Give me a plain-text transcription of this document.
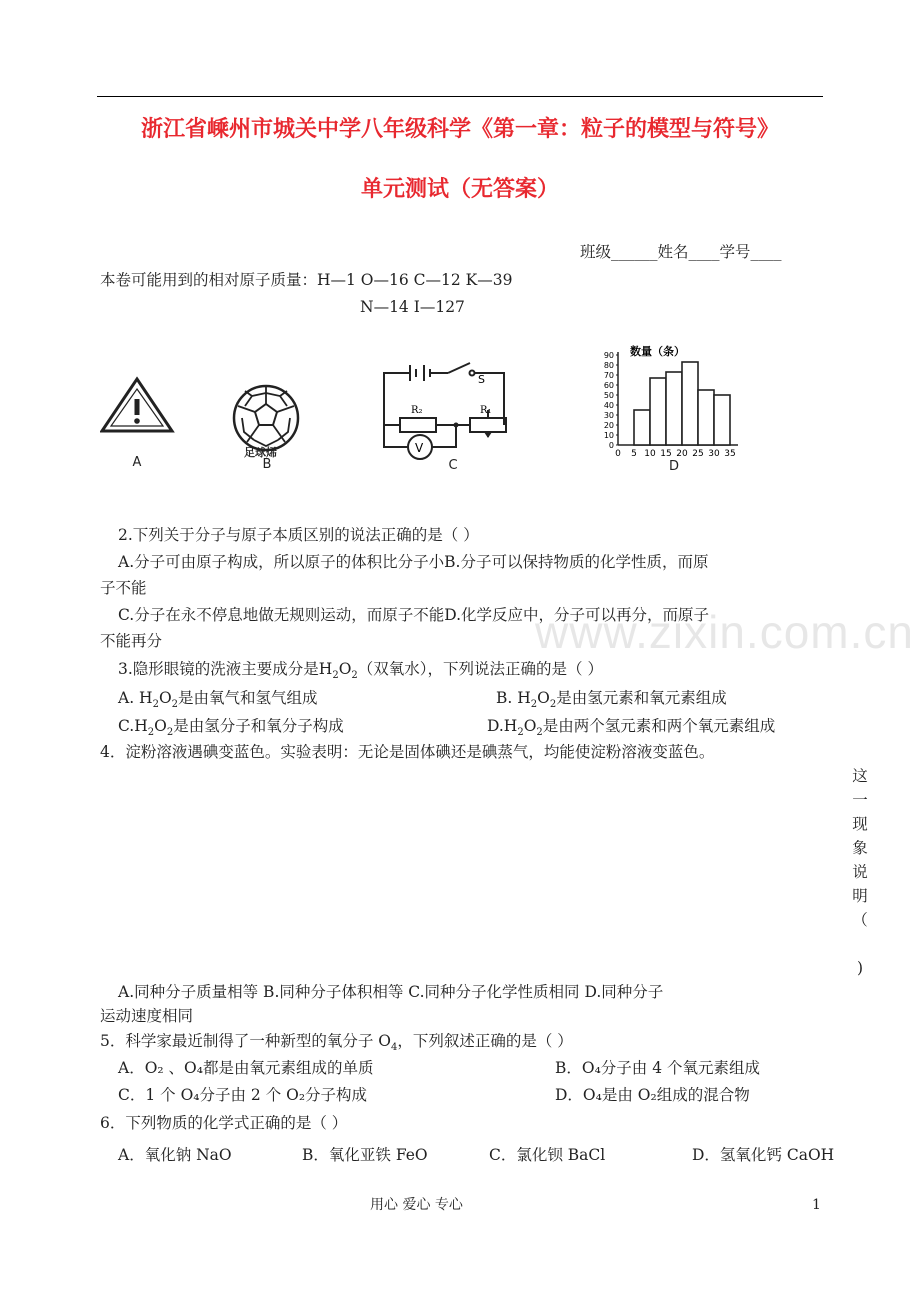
浙江省嵊州市城关中学八年级科学《第一章：粒子的模型与符号》
单元测试（无答案）
班级______姓名____学号____
本卷可能用到的相对原子质量：H—1 O—16 C—12 K—39
N—14 I—127
A
足球烯
B
S
R₂	R₁
V
C
数量（条）
0
10
20
30
40
50
60
70
80
90
0 5 10 15 20 25 30 35
D
2.下列关于分子与原子本质区别的说法正确的是（ ）
A.分子可由原子构成，所以原子的体积比分子小B.分子可以保持物质的化学性质，而原
子不能
C.分子在永不停息地做无规则运动，而原子不能D.化学反应中，分子可以再分，而原子
不能再分	www.zixin.com.cn
3.隐形眼镜的洗液主要成分是$H_2O_2$（双氧水），下列说法正确的是（ ）
A. $H_2O_2$是由氧气和氢气组成	B. $H_2O_2$是由氢元素和氧元素组成
$C.H_2O_2$是由氢分子和氧分子构成	$D.H_2O_2$是由两个氢元素和两个氧元素组成
4．淀粉溶液遇碘变蓝色。实验表明：无论是固体碘还是碘蒸气，均能使淀粉溶液变蓝色。
这
一
现
象
说
明
（
)
A.同种分子质量相等 B.同种分子体积相等 C.同种分子化学性质相同 D.同种分子
运动速度相同
5．科学家最近制得了一种新型的氧分子 $O_4$，下列叙述正确的是（ ）
A．O₂ 、O₄都是由氧元素组成的单质	B．O₄分子由 4 个氧元素组成
C．1 个 O₄分子由 2 个 O₂分子构成	D．O₄是由 O₂组成的混合物
6．下列物质的化学式正确的是（ ）
A．氧化钠 NaO	B．氧化亚铁 FeO	C．氯化钡 BaCl	D．氢氧化钙 CaOH
用心 爱心 专心	1
